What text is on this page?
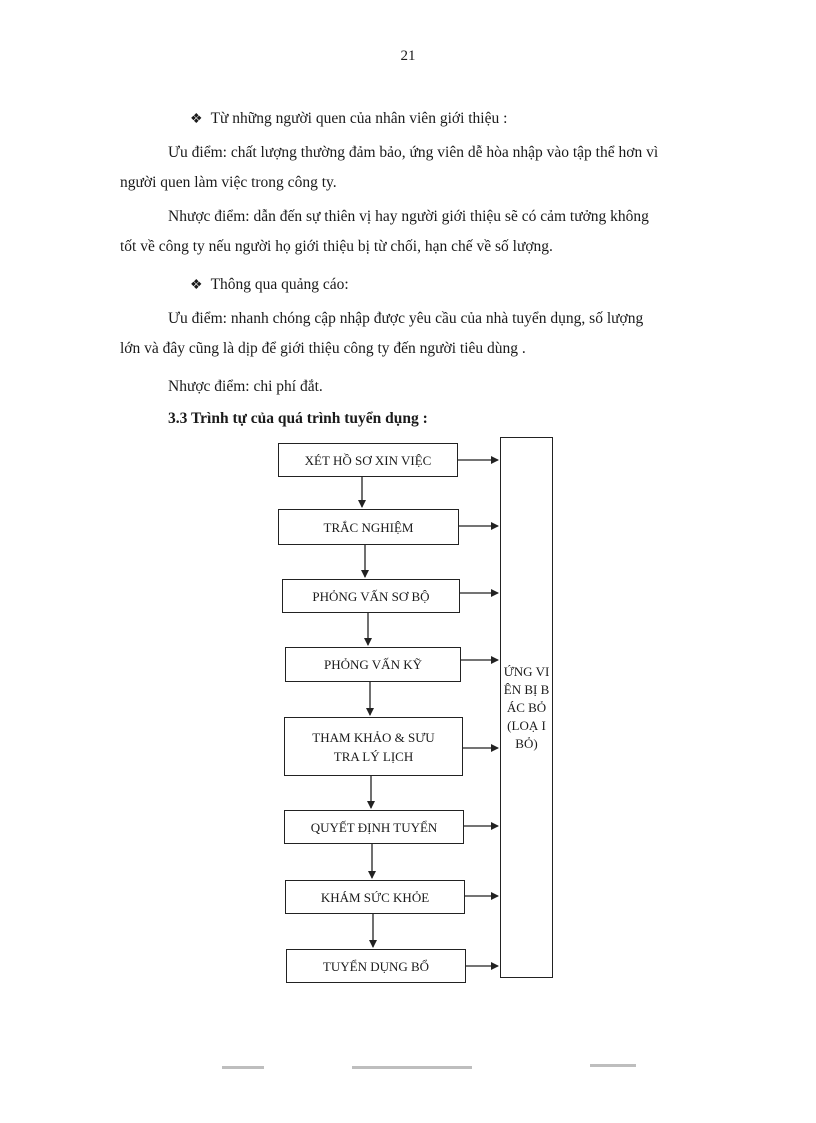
21
❖ Từ những người quen của nhân viên giới thiệu :
Ưu điểm: chất lượng thường đảm bảo, ứng viên dễ hòa nhập vào tập thể hơn vì
người quen làm việc trong công ty.
Nhược điểm: dẫn đến sự thiên vị hay người giới thiệu sẽ có cảm tưởng không
tốt về công ty nếu người họ giới thiệu bị từ chối, hạn chế về số lượng.
❖ Thông qua quảng cáo:
Ưu điểm: nhanh chóng cập nhập được yêu cầu của nhà tuyển dụng, số lượng
lớn và đây cũng là dịp để giới thiệu công ty đến người tiêu dùng .
Nhược điểm: chi phí đắt.
3.3 Trình tự của quá trình tuyển dụng :
XÉT HỒ SƠ XIN VIỆC
TRẮC NGHIỆM
PHỎNG VẤN SƠ BỘ
PHỎNG VẤN KỸ
THAM KHẢO & SƯU TRA LÝ LỊCH
QUYẾT ĐỊNH TUYỂN
KHÁM SỨC KHỎE
TUYỂN DỤNG BỔ
ỨNG VIÊN BỊ BÁC BỎ (LOẠ I BỎ)
